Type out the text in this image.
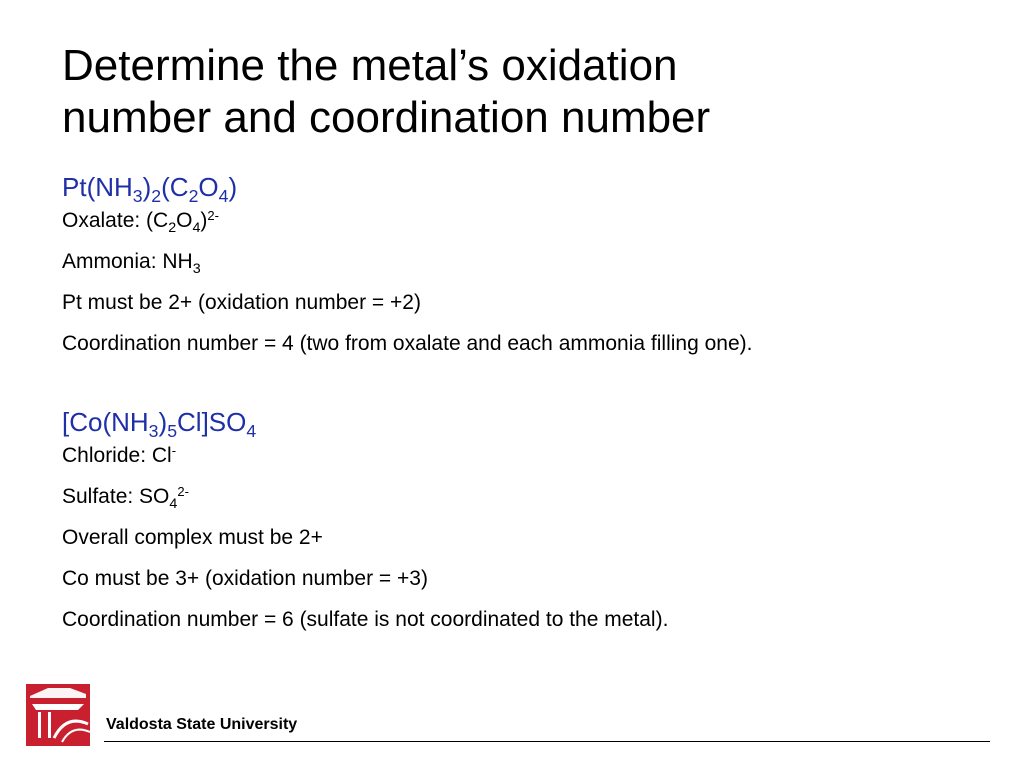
Determine the metal’s oxidation
number and coordination number
$Pt(NH_3)_2(C_2O_4)$
Oxalate: $(C_2O_4)^{2-}$
Ammonia: $NH_3$
Pt must be 2+ (oxidation number = +2)
Coordination number = 4 (two from oxalate and each ammonia filling one).
$[Co(NH_3)_5Cl]SO_4$
Chloride: Cl-
Sulfate: $SO_4^{2-}$
Overall complex must be 2+
Co must be 3+ (oxidation number = +3)
Coordination number = 6 (sulfate is not coordinated to the metal).
Valdosta State University
